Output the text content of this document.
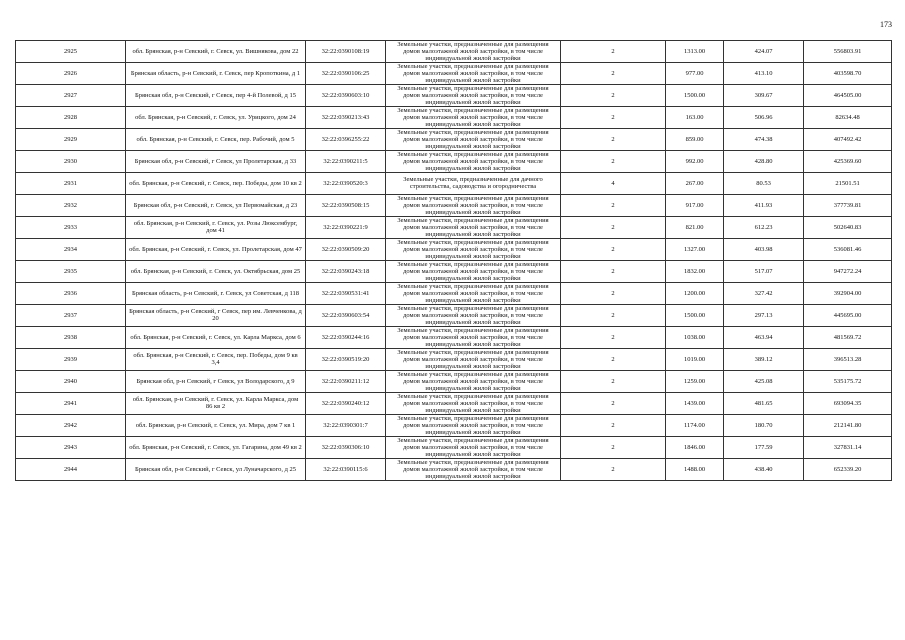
173
2925	обл. Брянская, р-н Севский, г. Севск, ул. Вишнякова, дом 22	32:22:0390108:19	Земельные участки, предназначенные для размещения домов малоэтажной жилой застройки, в том числе индивидуальной жилой застройки	2	1313.00	424.07	556803.91
2926	Брянская область, р-н Севский, г. Севск, пер Кропоткина, д 1	32:22:0390106:25	Земельные участки, предназначенные для размещения домов малоэтажной жилой застройки, в том числе индивидуальной жилой застройки	2	977.00	413.10	403598.70
2927	Брянская обл, р-н Севский, г Севск, пер 4-й Полевой, д 15	32:22:0390603:10	Земельные участки, предназначенные для размещения домов малоэтажной жилой застройки, в том числе индивидуальной жилой застройки	2	1500.00	309.67	464505.00
2928	обл. Брянская, р-н Севский, г. Севск, ул. Урицкого, дом 24	32:22:0390213:43	Земельные участки, предназначенные для размещения домов малоэтажной жилой застройки, в том числе индивидуальной жилой застройки	2	163.00	506.96	82634.48
2929	обл. Брянская, р-н Севский, г. Севск, пер. Рабочий, дом 5	32:22:0396255:22	Земельные участки, предназначенные для размещения домов малоэтажной жилой застройки, в том числе индивидуальной жилой застройки	2	859.00	474.38	407492.42
2930	Брянская обл, р-н Севский, г Севск, ул Пролетарская, д 33	32:22:0390211:5	Земельные участки, предназначенные для размещения домов малоэтажной жилой застройки, в том числе индивидуальной жилой застройки	2	992.00	428.80	425369.60
2931	обл. Брянская, р-н Севский, г. Севск, пер. Победы, дом 10 кв 2	32:22:0390520:3	Земельные участки, предназначенные для дачного строительства, садоводства и огородничества	4	267.00	80.53	21501.51
2932	Брянская обл, р-н Севский, г. Севск, ул Первомайская, д 23	32:22:0390508:15	Земельные участки, предназначенные для размещения домов малоэтажной жилой застройки, в том числе индивидуальной жилой застройки	2	917.00	411.93	377739.81
2933	обл. Брянская, р-н Севский, г. Севск, ул. Розы Люксембург, дом 41	32:22:0390221:9	Земельные участки, предназначенные для размещения домов малоэтажной жилой застройки, в том числе индивидуальной жилой застройки	2	821.00	612.23	502640.83
2934	обл. Брянская, р-н Севский, г. Севск, ул. Пролетарская, дом 47	32:22:0390509:20	Земельные участки, предназначенные для размещения домов малоэтажной жилой застройки, в том числе индивидуальной жилой застройки	2	1327.00	403.98	536081.46
2935	обл. Брянская, р-н Севский, г. Севск, ул. Октябрьская, дом 25	32:22:0390243:18	Земельные участки, предназначенные для размещения домов малоэтажной жилой застройки, в том числе индивидуальной жилой застройки	2	1832.00	517.07	947272.24
2936	Брянская область, р-н Севский, г. Севск, ул Советская, д 118	32:22:0390531:41	Земельные участки, предназначенные для размещения домов малоэтажной жилой застройки, в том числе индивидуальной жилой застройки	2	1200.00	327.42	392904.00
2937	Брянская область, р-н Севский, г Севск, пер им. Левченкова, д 20	32:22:0390603:54	Земельные участки, предназначенные для размещения домов малоэтажной жилой застройки, в том числе индивидуальной жилой застройки	2	1500.00	297.13	445695.00
2938	обл. Брянская, р-н Севский, г. Севск, ул. Карла Маркса, дом 6	32:22:0390244:16	Земельные участки, предназначенные для размещения домов малоэтажной жилой застройки, в том числе индивидуальной жилой застройки	2	1038.00	463.94	481569.72
2939	обл. Брянская, р-н Севский, г. Севск, пер. Победы, дом 9 кв 3,4	32:22:0390519:20	Земельные участки, предназначенные для размещения домов малоэтажной жилой застройки, в том числе индивидуальной жилой застройки	2	1019.00	389.12	396513.28
2940	Брянская обл, р-н Севский, г Севск, ул Володарского, д 9	32:22:0390211:12	Земельные участки, предназначенные для размещения домов малоэтажной жилой застройки, в том числе индивидуальной жилой застройки	2	1259.00	425.08	535175.72
2941	обл. Брянская, р-н Севский, г. Севск, ул. Карла Маркса, дом 86 кв 2	32:22:0390240:12	Земельные участки, предназначенные для размещения домов малоэтажной жилой застройки, в том числе индивидуальной жилой застройки	2	1439.00	481.65	693094.35
2942	обл. Брянская, р-н Севский, г. Севск, ул. Мира, дом 7 кв 1	32:22:0390301:7	Земельные участки, предназначенные для размещения домов малоэтажной жилой застройки, в том числе индивидуальной жилой застройки	2	1174.00	180.70	212141.80
2943	обл. Брянская, р-н Севский, г. Севск, ул. Гагарина, дом 49 кв 2	32:22:0390306:10	Земельные участки, предназначенные для размещения домов малоэтажной жилой застройки, в том числе индивидуальной жилой застройки	2	1846.00	177.59	327831.14
2944	Брянская обл, р-н Севский, г Севск, ул Луначарского, д 25	32:22:0390115:6	Земельные участки, предназначенные для размещения домов малоэтажной жилой застройки, в том числе индивидуальной жилой застройки	2	1488.00	438.40	652339.20
